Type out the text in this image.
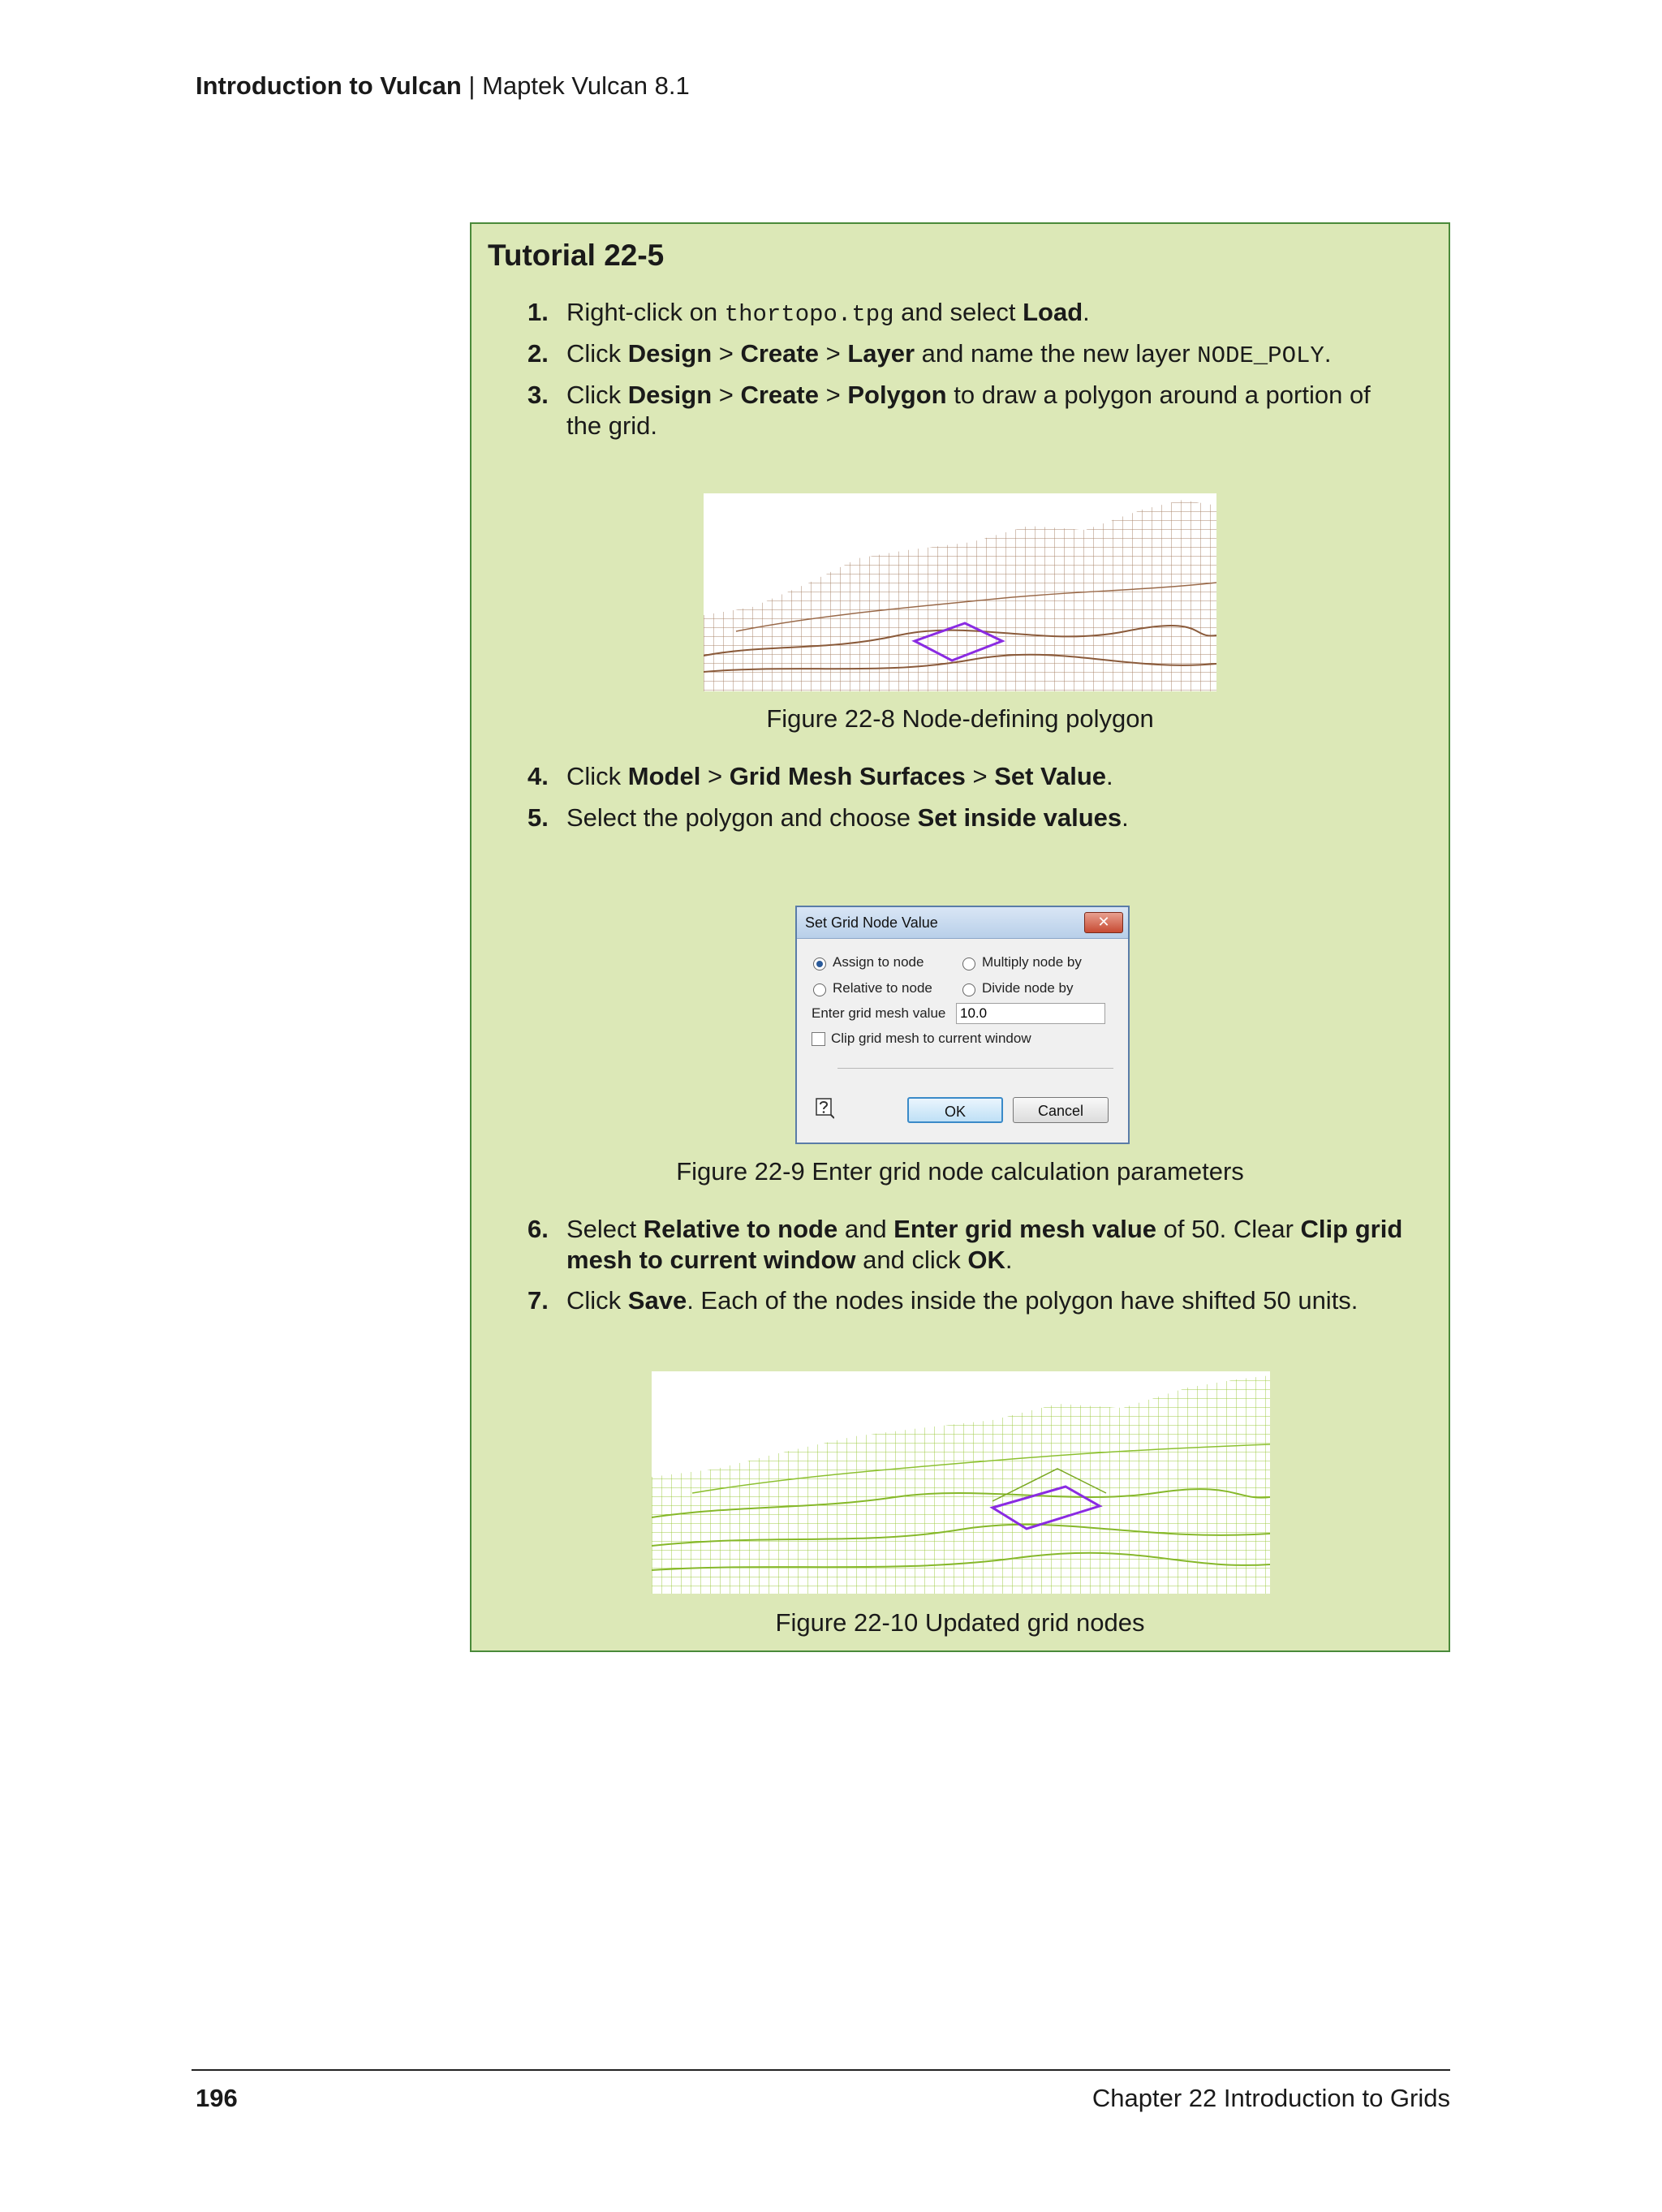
Introduction to Vulcan | Maptek Vulcan 8.1
Tutorial 22-5
1. Right-click on thortopo.tpg and select Load.
2. Click Design > Create > Layer and name the new layer NODE_POLY.
3. Click Design > Create > Polygon to draw a polygon around a portion of the grid.
Figure 22-8 Node-defining polygon
4. Click Model > Grid Mesh Surfaces > Set Value.
5. Select the polygon and choose Set inside values.
Set Grid Node Value	✕
Assign to node	Multiply node by
Relative to node	Divide node by
Enter grid mesh value
10.0
Clip grid mesh to current window
OK	Cancel
Figure 22-9 Enter grid node calculation parameters
6. Select Relative to node and Enter grid mesh value of 50. Clear Clip grid mesh to current window and click OK.
7. Click Save. Each of the nodes inside the polygon have shifted 50 units.
Figure 22-10 Updated grid nodes
196	Chapter 22 Introduction to Grids
